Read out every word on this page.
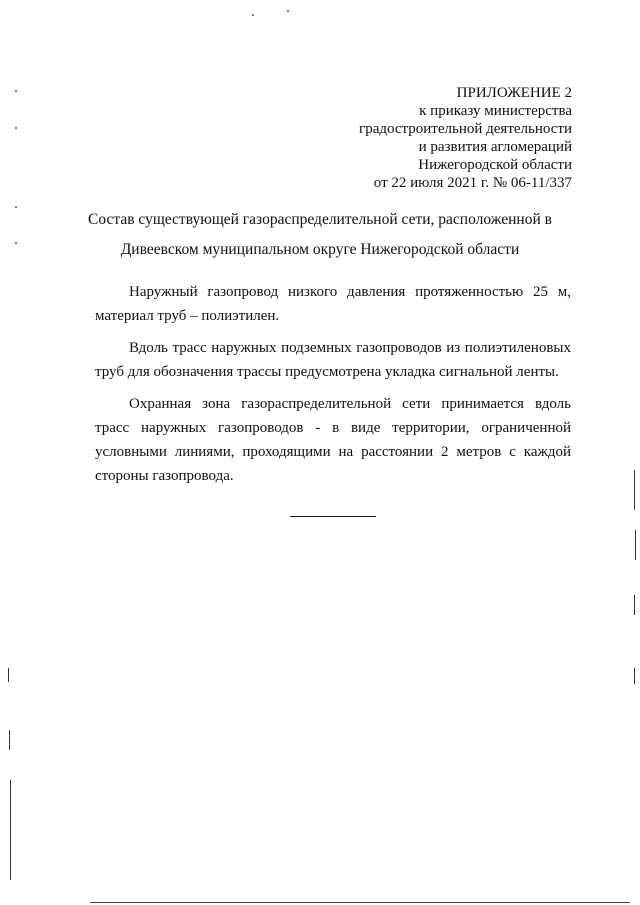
ПРИЛОЖЕНИЕ 2
к приказу министерства
градостроительной деятельности
и развития агломераций
Нижегородской области
от 22 июля 2021 г. № 06-11/337
Состав существующей газораспределительной сети, расположенной в
Дивеевском муниципальном округе Нижегородской области

Наружный газопровод низкого давления протяженностью 25 м, материал труб – полиэтилен.

Вдоль трасс наружных подземных газопроводов из полиэтиленовых труб для обозначения трассы предусмотрена укладка сигнальной ленты.

Охранная зона газораспределительной сети принимается вдоль трасс наружных газопроводов - в виде территории, ограниченной условными линиями, проходящими на расстоянии 2 метров с каждой стороны газопровода.
